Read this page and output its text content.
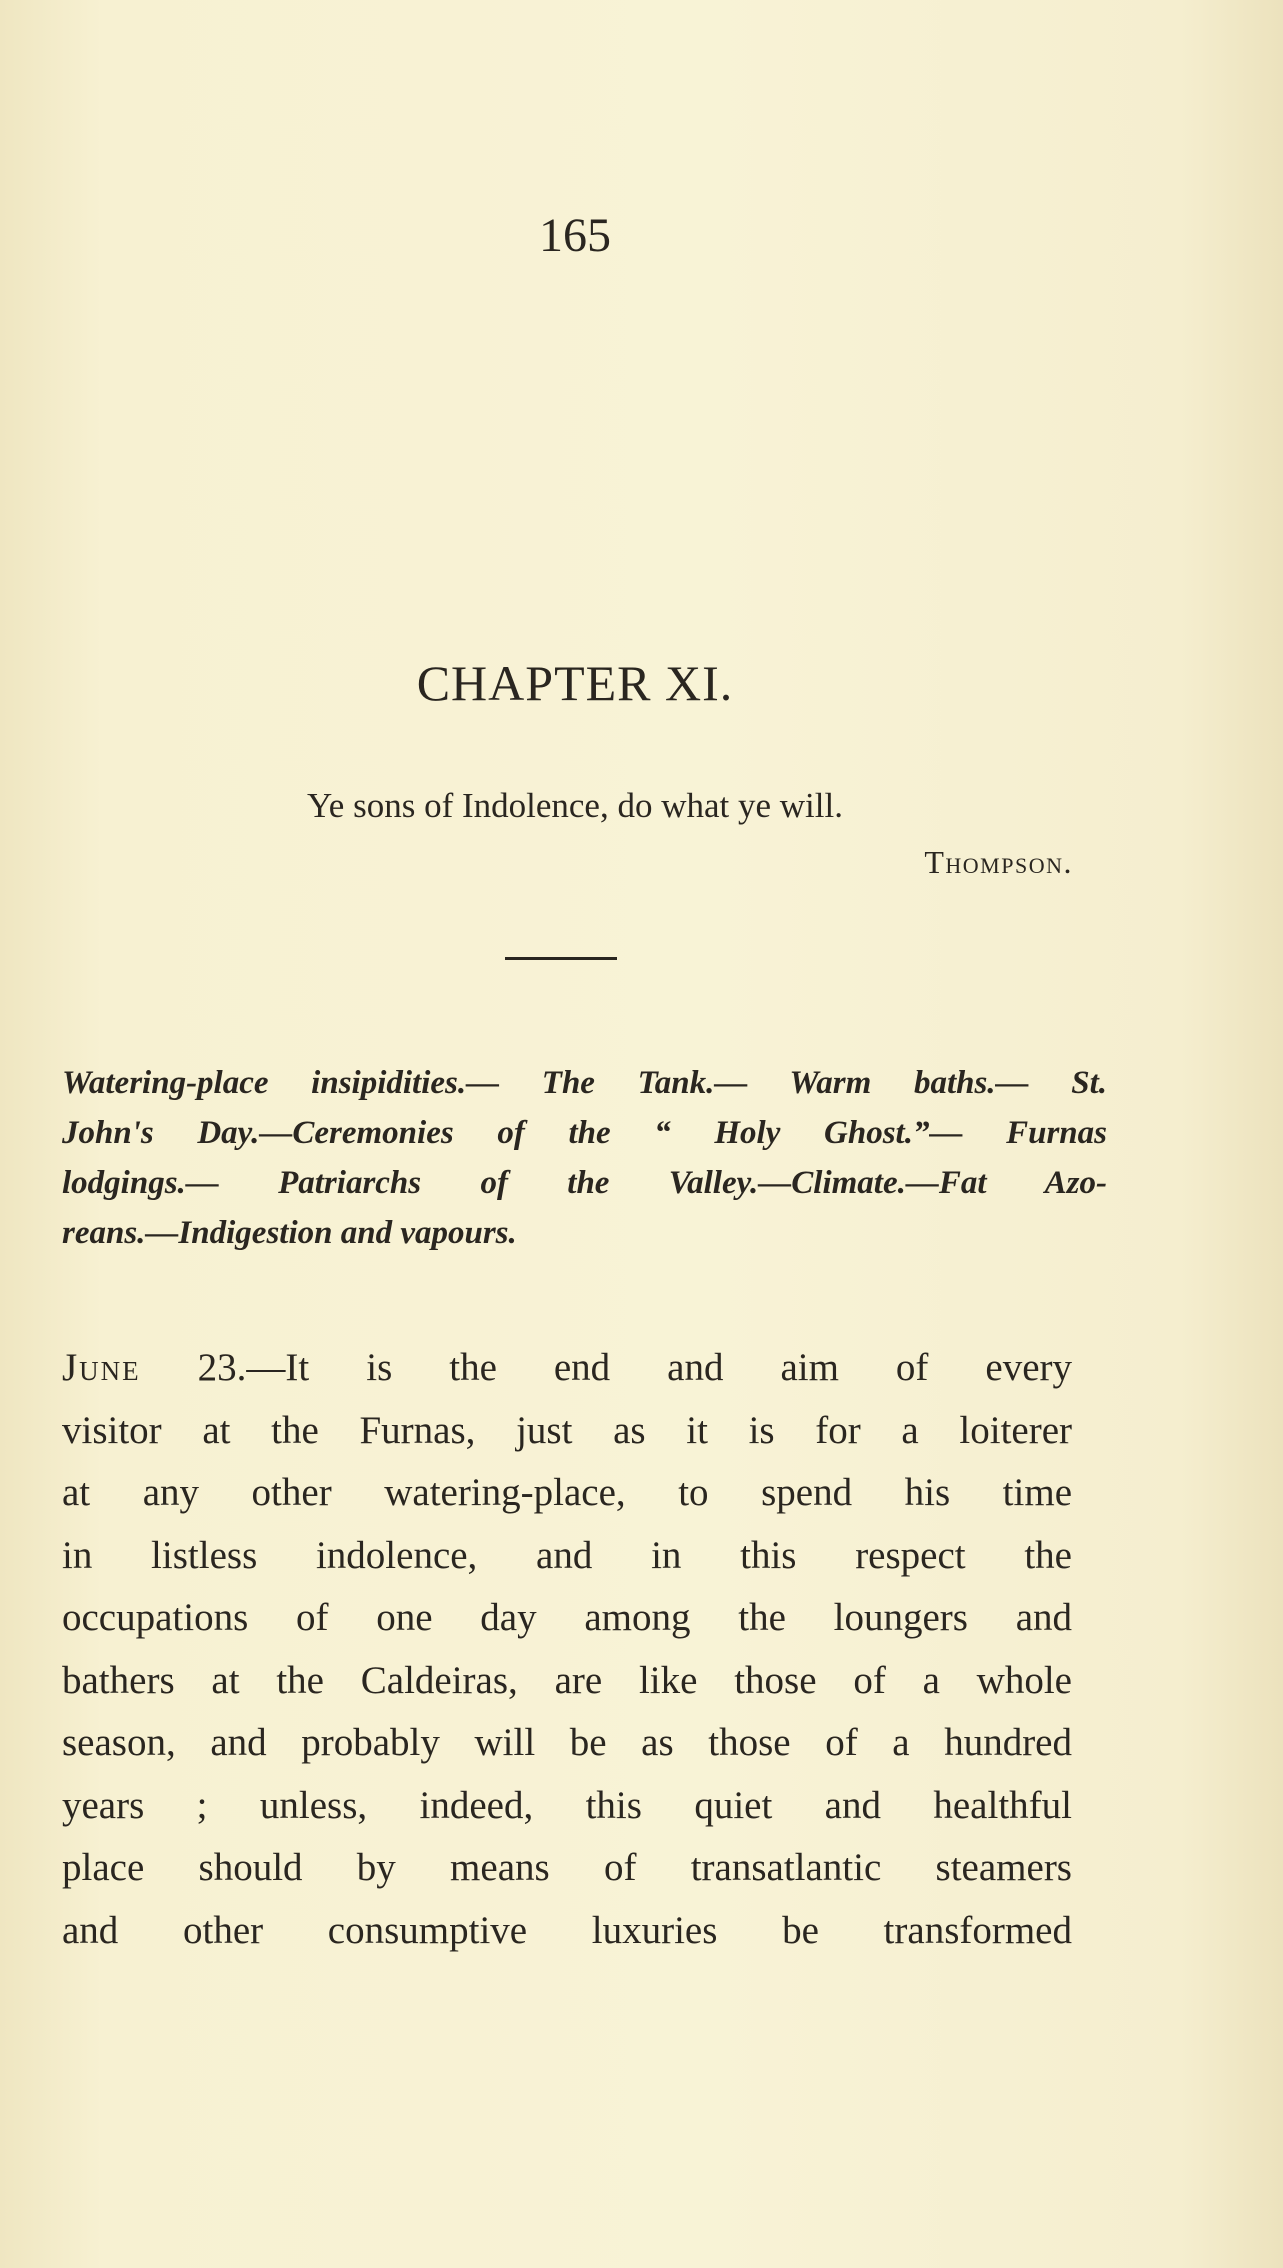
165
CHAPTER XI.
Ye sons of Indolence, do what ye will.
Thompson.
Watering-place insipidities.— The Tank.— Warm baths.— St.
John's Day.—Ceremonies of the “ Holy Ghost.”— Furnas
lodgings.— Patriarchs of the Valley.—Climate.—Fat Azo-
reans.—Indigestion and vapours.
June 23.—It is the end and aim of every
visitor at the Furnas, just as it is for a loiterer
at any other watering-place, to spend his time
in listless indolence, and in this respect the
occupations of one day among the loungers and
bathers at the Caldeiras, are like those of a whole
season, and probably will be as those of a hundred
years ; unless, indeed, this quiet and healthful
place should by means of transatlantic steamers
and other consumptive luxuries be transformed
